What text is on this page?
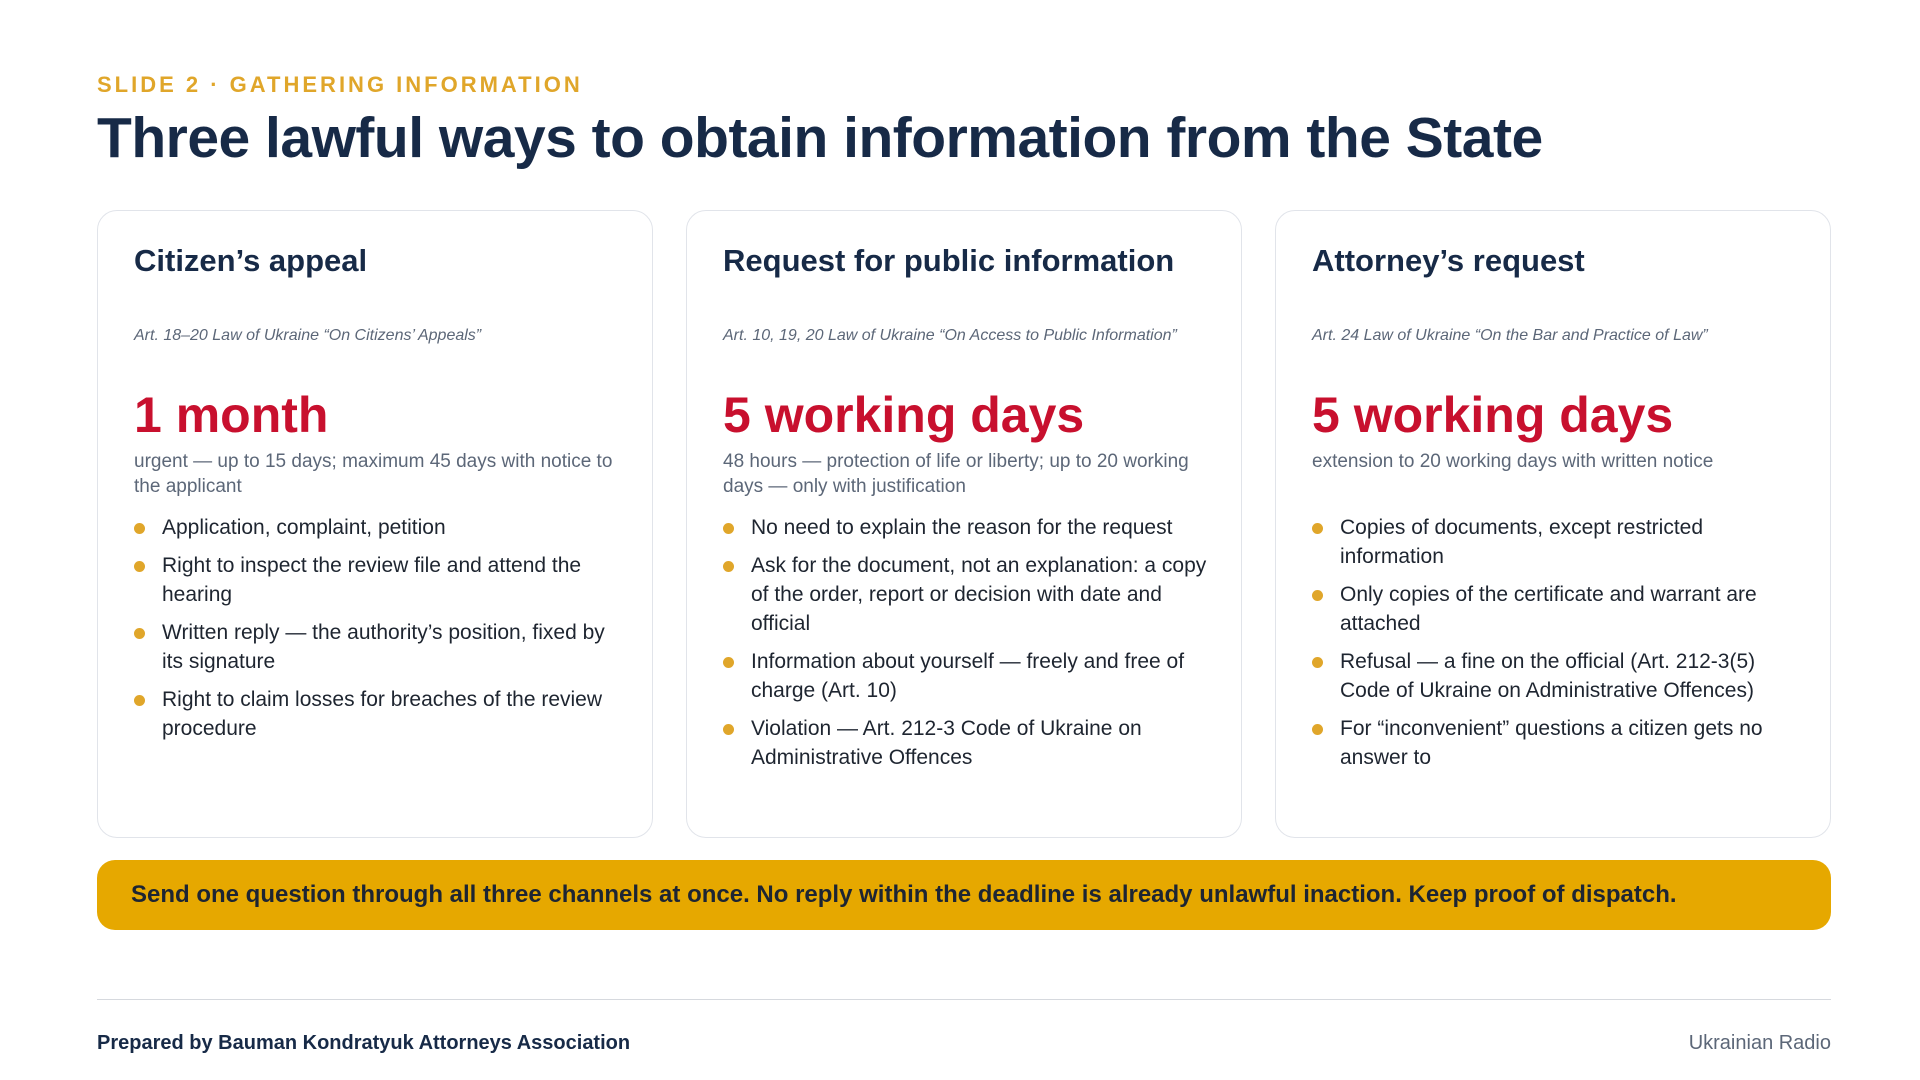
SLIDE 2 · GATHERING INFORMATION
Three lawful ways to obtain information from the State
Citizen’s appeal
Art. 18–20 Law of Ukraine “On Citizens’ Appeals”
1 month
urgent — up to 15 days; maximum 45 days with notice to the applicant
Application, complaint, petition
Right to inspect the review file and attend the hearing
Written reply — the authority’s position, fixed by its signature
Right to claim losses for breaches of the review procedure
Request for public information
Art. 10, 19, 20 Law of Ukraine “On Access to Public Information”
5 working days
48 hours — protection of life or liberty; up to 20 working days — only with justification
No need to explain the reason for the request
Ask for the document, not an explanation: a copy of the order, report or decision with date and official
Information about yourself — freely and free of charge (Art. 10)
Violation — Art. 212-3 Code of Ukraine on Administrative Offences
Attorney’s request
Art. 24 Law of Ukraine “On the Bar and Practice of Law”
5 working days
extension to 20 working days with written notice
Copies of documents, except restricted information
Only copies of the certificate and warrant are attached
Refusal — a fine on the official (Art. 212-3(5) Code of Ukraine on Administrative Offences)
For “inconvenient” questions a citizen gets no answer to
Send one question through all three channels at once. No reply within the deadline is already unlawful inaction. Keep proof of dispatch.
Prepared by Bauman Kondratyuk Attorneys Association	Ukrainian Radio
